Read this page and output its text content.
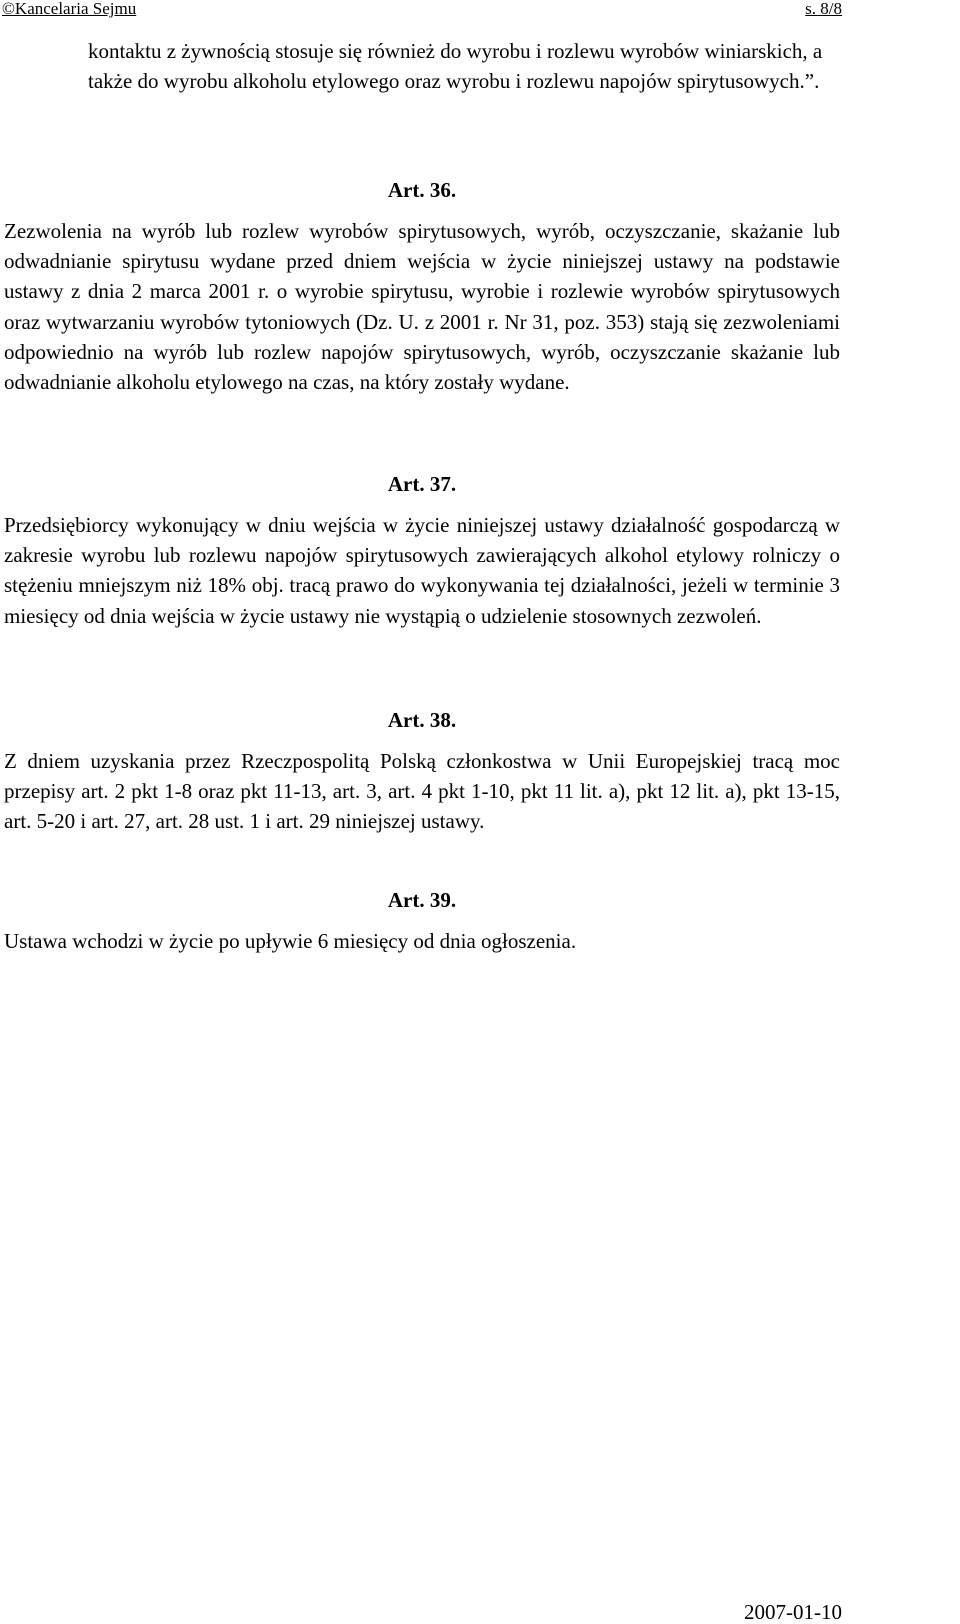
©Kancelaria Sejmu	s. 8/8

kontaktu z żywnością stosuje się również do wyrobu i rozlewu wyrobów winiarskich, a także do wyrobu alkoholu etylowego oraz wyrobu i rozlewu napojów spirytusowych.”.

Art. 36.

Zezwolenia na wyrób lub rozlew wyrobów spirytusowych, wyrób, oczyszczanie, skażanie lub odwadnianie spirytusu wydane przed dniem wejścia w życie niniejszej ustawy na podstawie ustawy z dnia 2 marca 2001 r. o wyrobie spirytusu, wyrobie i rozlewie wyrobów spirytusowych oraz wytwarzaniu wyrobów tytoniowych (Dz. U. z 2001 r. Nr 31, poz. 353) stają się zezwoleniami odpowiednio na wyrób lub rozlew napojów spirytusowych, wyrób, oczyszczanie skażanie lub odwadnianie alkoholu etylowego na czas, na który zostały wydane.

Art. 37.

Przedsiębiorcy wykonujący w dniu wejścia w życie niniejszej ustawy działalność gospodarczą w zakresie wyrobu lub rozlewu napojów spirytusowych zawierających alkohol etylowy rolniczy o stężeniu mniejszym niż 18% obj. tracą prawo do wykonywania tej działalności, jeżeli w terminie 3 miesięcy od dnia wejścia w życie ustawy nie wystąpią o udzielenie stosownych zezwoleń.

Art. 38.

Z dniem uzyskania przez Rzeczpospolitą Polską członkostwa w Unii Europejskiej tracą moc przepisy art. 2 pkt 1-8 oraz pkt 11-13, art. 3, art. 4 pkt 1-10, pkt 11 lit. a), pkt 12 lit. a), pkt 13-15, art. 5-20 i art. 27, art. 28 ust. 1 i art. 29 niniejszej ustawy.

Art. 39.

Ustawa wchodzi w życie po upływie 6 miesięcy od dnia ogłoszenia.

2007-01-10
